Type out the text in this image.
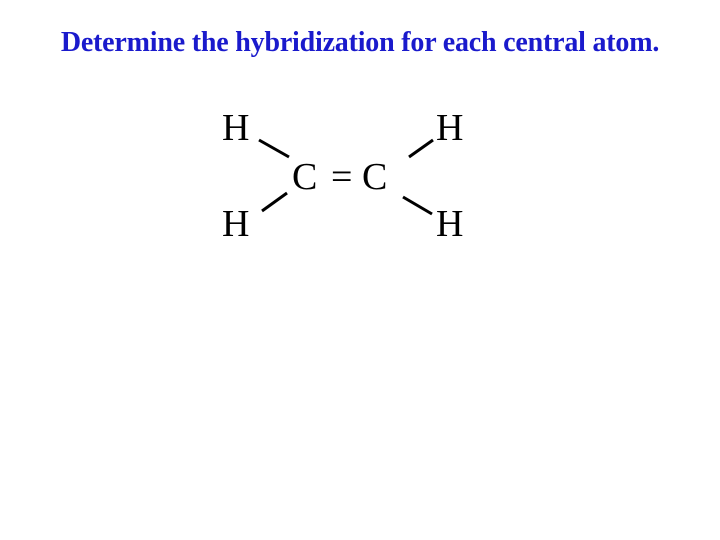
Determine the hybridization for each central atom.
H	H
H	H
C = C
